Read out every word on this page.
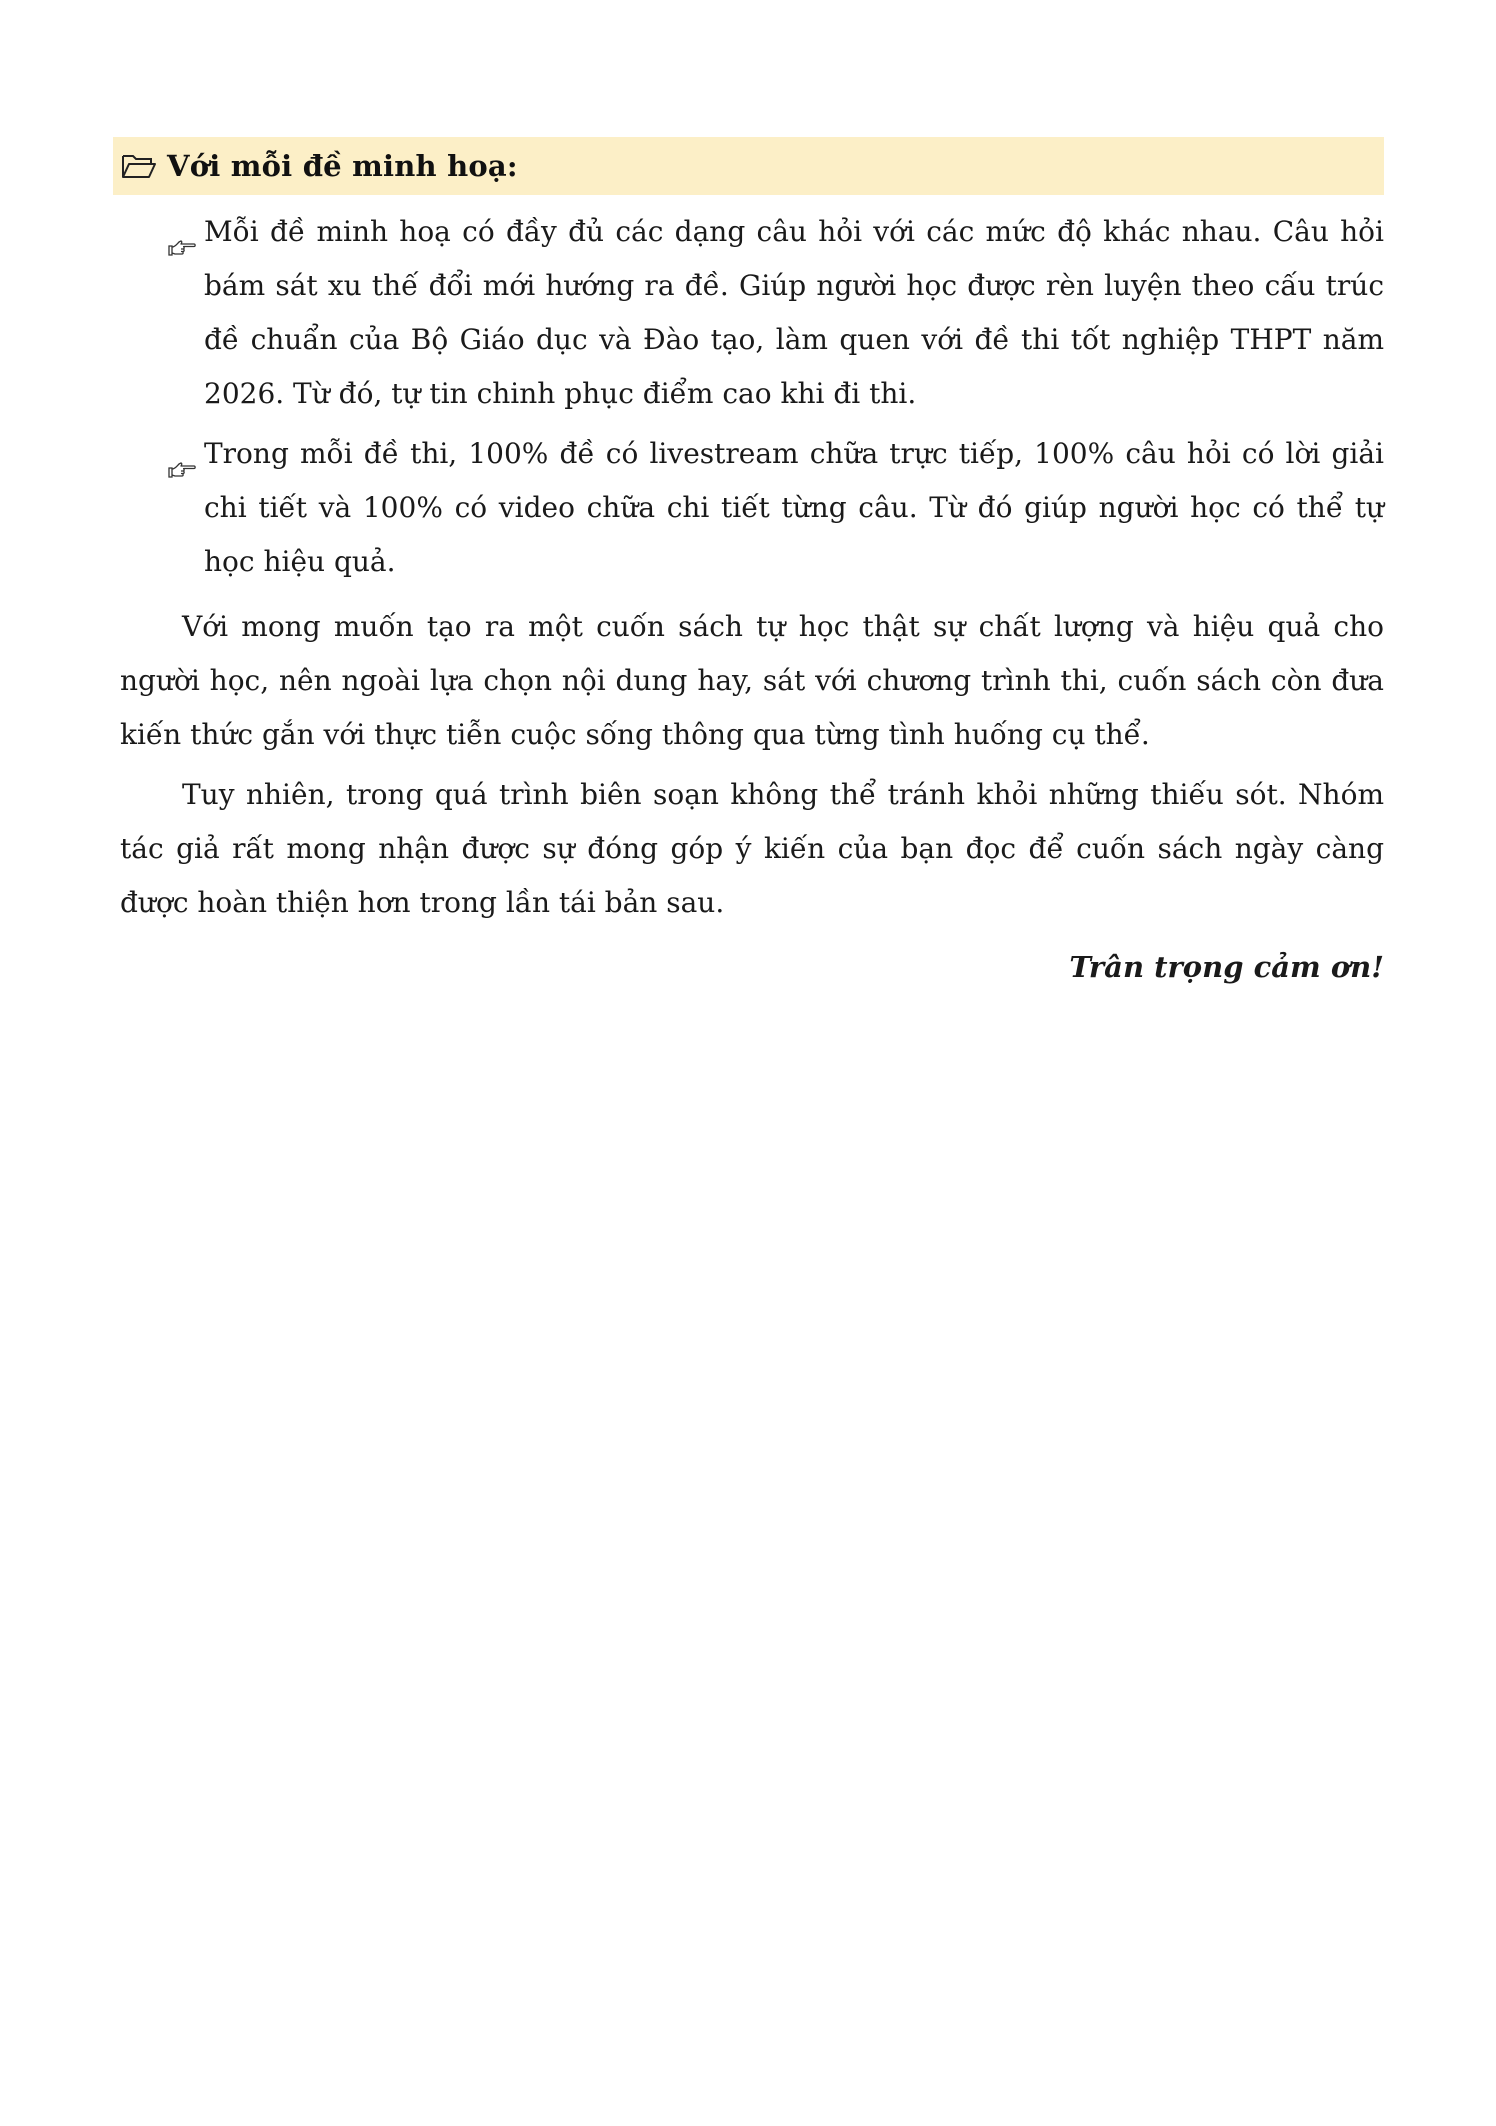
Với mỗi đề minh hoạ:
Mỗi đề minh hoạ có đầy đủ các dạng câu hỏi với các mức độ khác nhau. Câu hỏi bám sát xu thế đổi mới hướng ra đề. Giúp người học được rèn luyện theo cấu trúc đề chuẩn của Bộ Giáo dục và Đào tạo, làm quen với đề thi tốt nghiệp THPT năm 2026. Từ đó, tự tin chinh phục điểm cao khi đi thi.
Trong mỗi đề thi, 100% đề có livestream chữa trực tiếp, 100% câu hỏi có lời giải chi tiết và 100% có video chữa chi tiết từng câu. Từ đó giúp người học có thể tự học hiệu quả.

Với mong muốn tạo ra một cuốn sách tự học thật sự chất lượng và hiệu quả cho người học, nên ngoài lựa chọn nội dung hay, sát với chương trình thi, cuốn sách còn đưa kiến thức gắn với thực tiễn cuộc sống thông qua từng tình huống cụ thể.

Tuy nhiên, trong quá trình biên soạn không thể tránh khỏi những thiếu sót. Nhóm tác giả rất mong nhận được sự đóng góp ý kiến của bạn đọc để cuốn sách ngày càng được hoàn thiện hơn trong lần tái bản sau.

Trân trọng cảm ơn!
